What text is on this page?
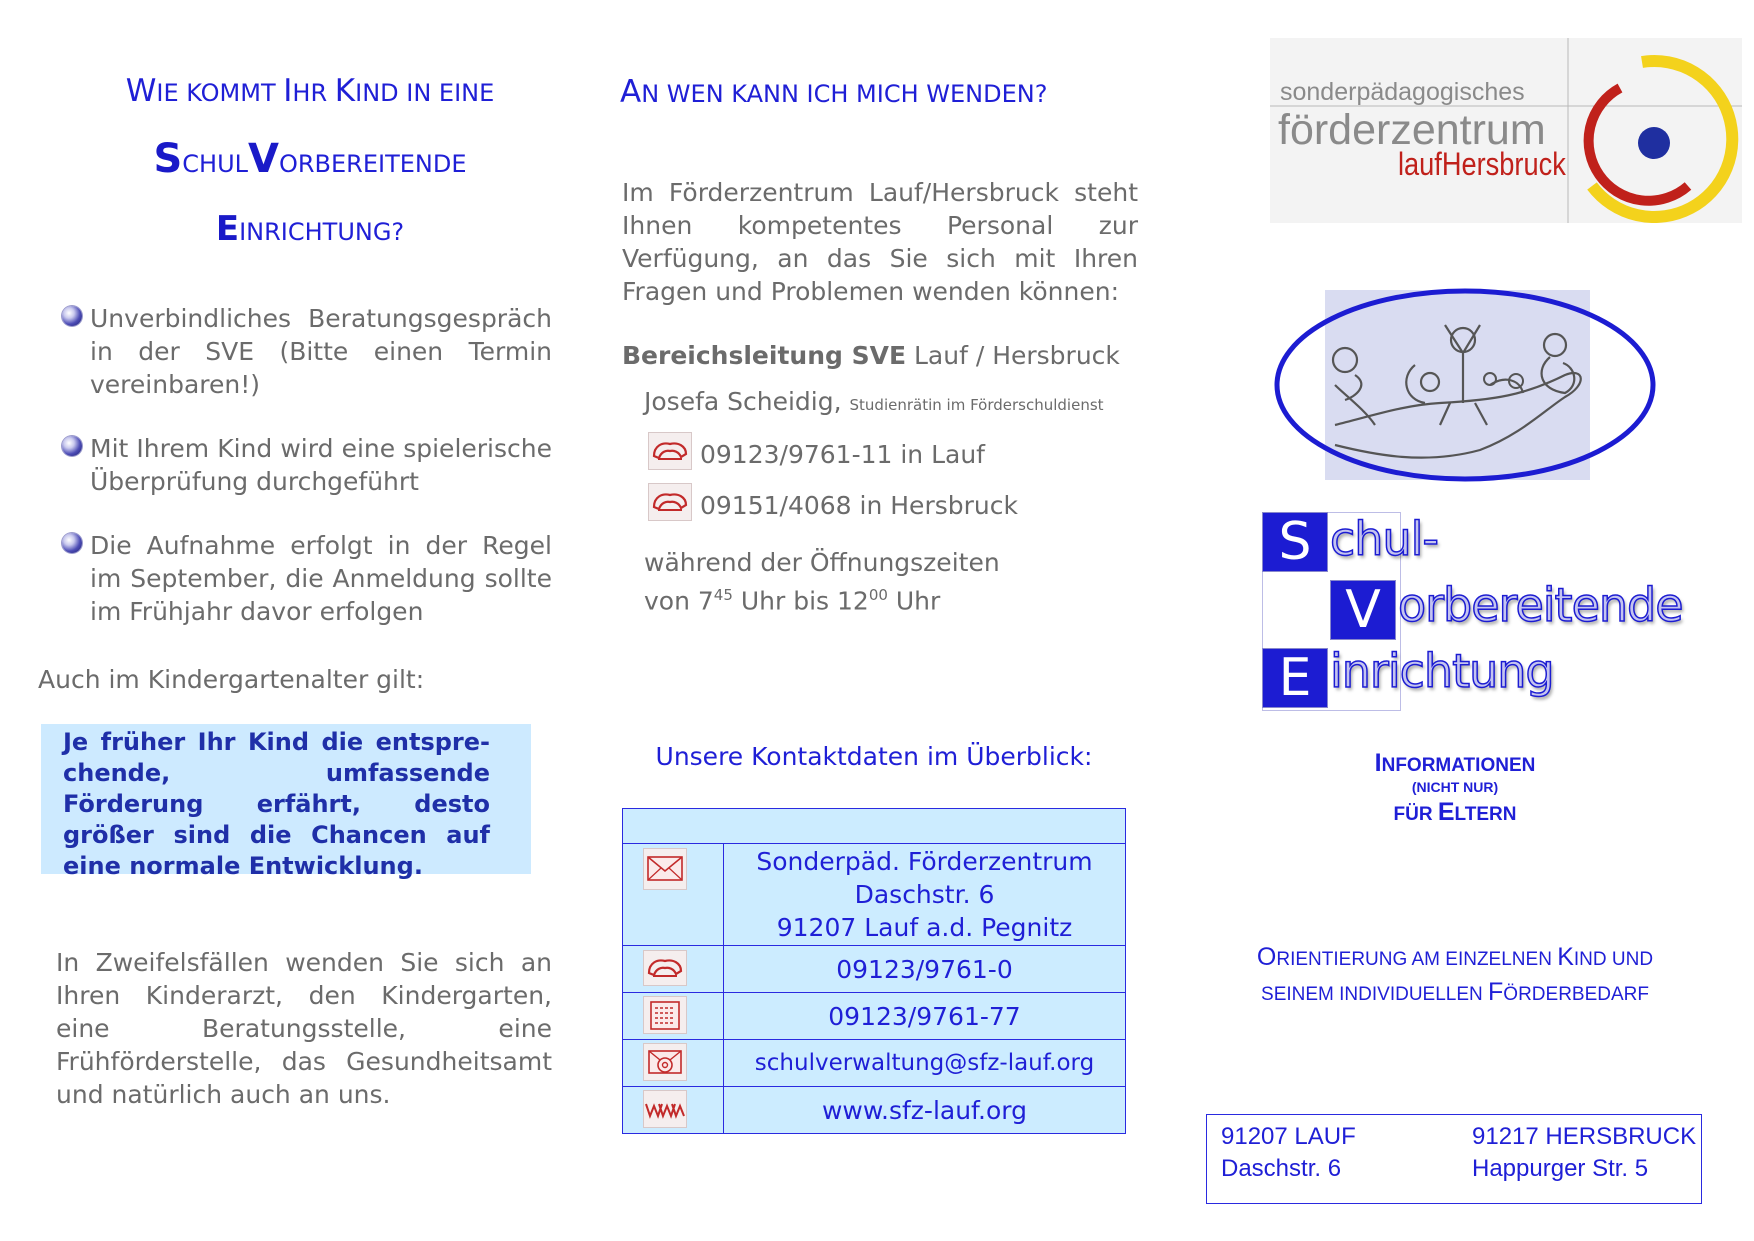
WIE KOMMT IHR KIND IN EINE
SCHULVORBEREITENDE
EINRICHTUNG?
Unverbindliches Beratungsgespräch in der SVE (Bitte einen Termin vereinbaren!)
Mit Ihrem Kind wird eine spielerische Überprüfung durchgeführt
Die Aufnahme erfolgt in der Regel im September, die Anmeldung sollte im Frühjahr davor erfolgen
Auch im Kindergartenalter gilt:
Je früher Ihr Kind die entspre-chende, umfassende Förderung erfährt, desto größer sind die Chancen auf eine normale Entwicklung.
In Zweifelsfällen wenden Sie sich an Ihren Kinderarzt, den Kindergarten, eine Beratungsstelle, eine Frühförderstelle, das Gesundheitsamt und natürlich auch an uns.
AN WEN KANN ICH MICH WENDEN?
Im Förderzentrum Lauf/Hersbruck steht Ihnen kompetentes Personal zur Verfügung, an das Sie sich mit Ihren Fragen und Problemen wenden können:
Bereichsleitung SVE Lauf / Hersbruck
Josefa Scheidig, Studienrätin im Förderschuldienst
09123/9761-11 in Lauf
09151/4068 in Hersbruck
während der Öffnungszeiten
von $7^{45}$ Uhr bis $12^{00}$ Uhr
Unsere Kontaktdaten im Überblick:

Sonderpäd. Förderzentrum
Daschstr. 6
91207 Lauf a.d. Pegnitz

	09123/9761-0
	09123/9761-77
	schulverwaltung@sfz-lauf.org
	www.sfz-lauf.org
sonderpädagogisches
förderzentrum
laufHersbruck
S
V
E
chul-
orbereitende
inrichtung
INFORMATIONEN
(NICHT NUR)
FÜR ELTERN
ORIENTIERUNG AM EINZELNEN KIND UND
SEINEM INDIVIDUELLEN FÖRDERBEDARF
91207 LAUF
Daschstr. 6
91217 HERSBRUCK
Happurger Str. 5
